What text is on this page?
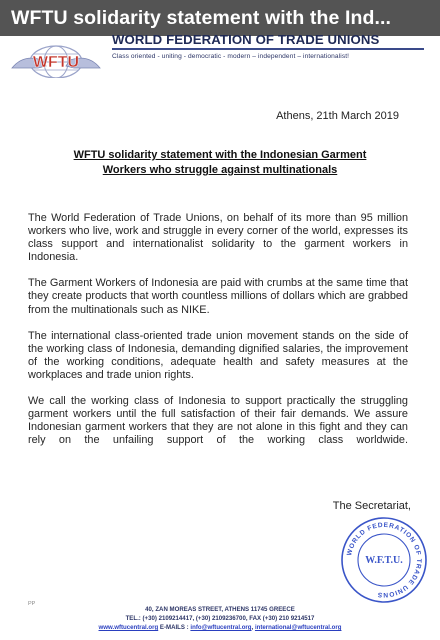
WFTU solidarity statement with the Ind...
WFTU
WORLD FEDERATION OF TRADE UNIONS
Class oriented - uniting - democratic - modern – independent – internationalist!
Athens, 21th March 2019
WFTU solidarity statement with the Indonesian Garment
Workers who struggle against multinationals

The World Federation of Trade Unions, on behalf of its more than 95 million workers who live, work and struggle in every corner of the world, expresses its class support and internationalist solidarity to the garment workers in Indonesia.

The Garment Workers of Indonesia are paid with crumbs at the same time that they create products that worth countless millions of dollars which are grabbed from the multinationals such as NIKE.

The international class-oriented trade union movement stands on the side of the working class of Indonesia, demanding dignified salaries, the improvement of the working conditions, adequate health and safety measures at the workplaces and trade union rights.

We call the working class of Indonesia to support practically the struggling garment workers until the full satisfaction of their fair demands. We assure Indonesian garment workers that they are not alone in this fight and they can rely on the unfailing support of the working class worldwide.

The Secretariat,
WORLD FEDERATION OF TRADE UNIONS
W.F.T.U.
PP
40, ZAN MOREAS STREET, ATHENS 11745 GREECE
TEL.: (+30) 2109214417, (+30) 2109236700, FAX (+30) 210 9214517
www.wftucentral.org E-MAILS : info@wftucentral.org, international@wftucentral.org
